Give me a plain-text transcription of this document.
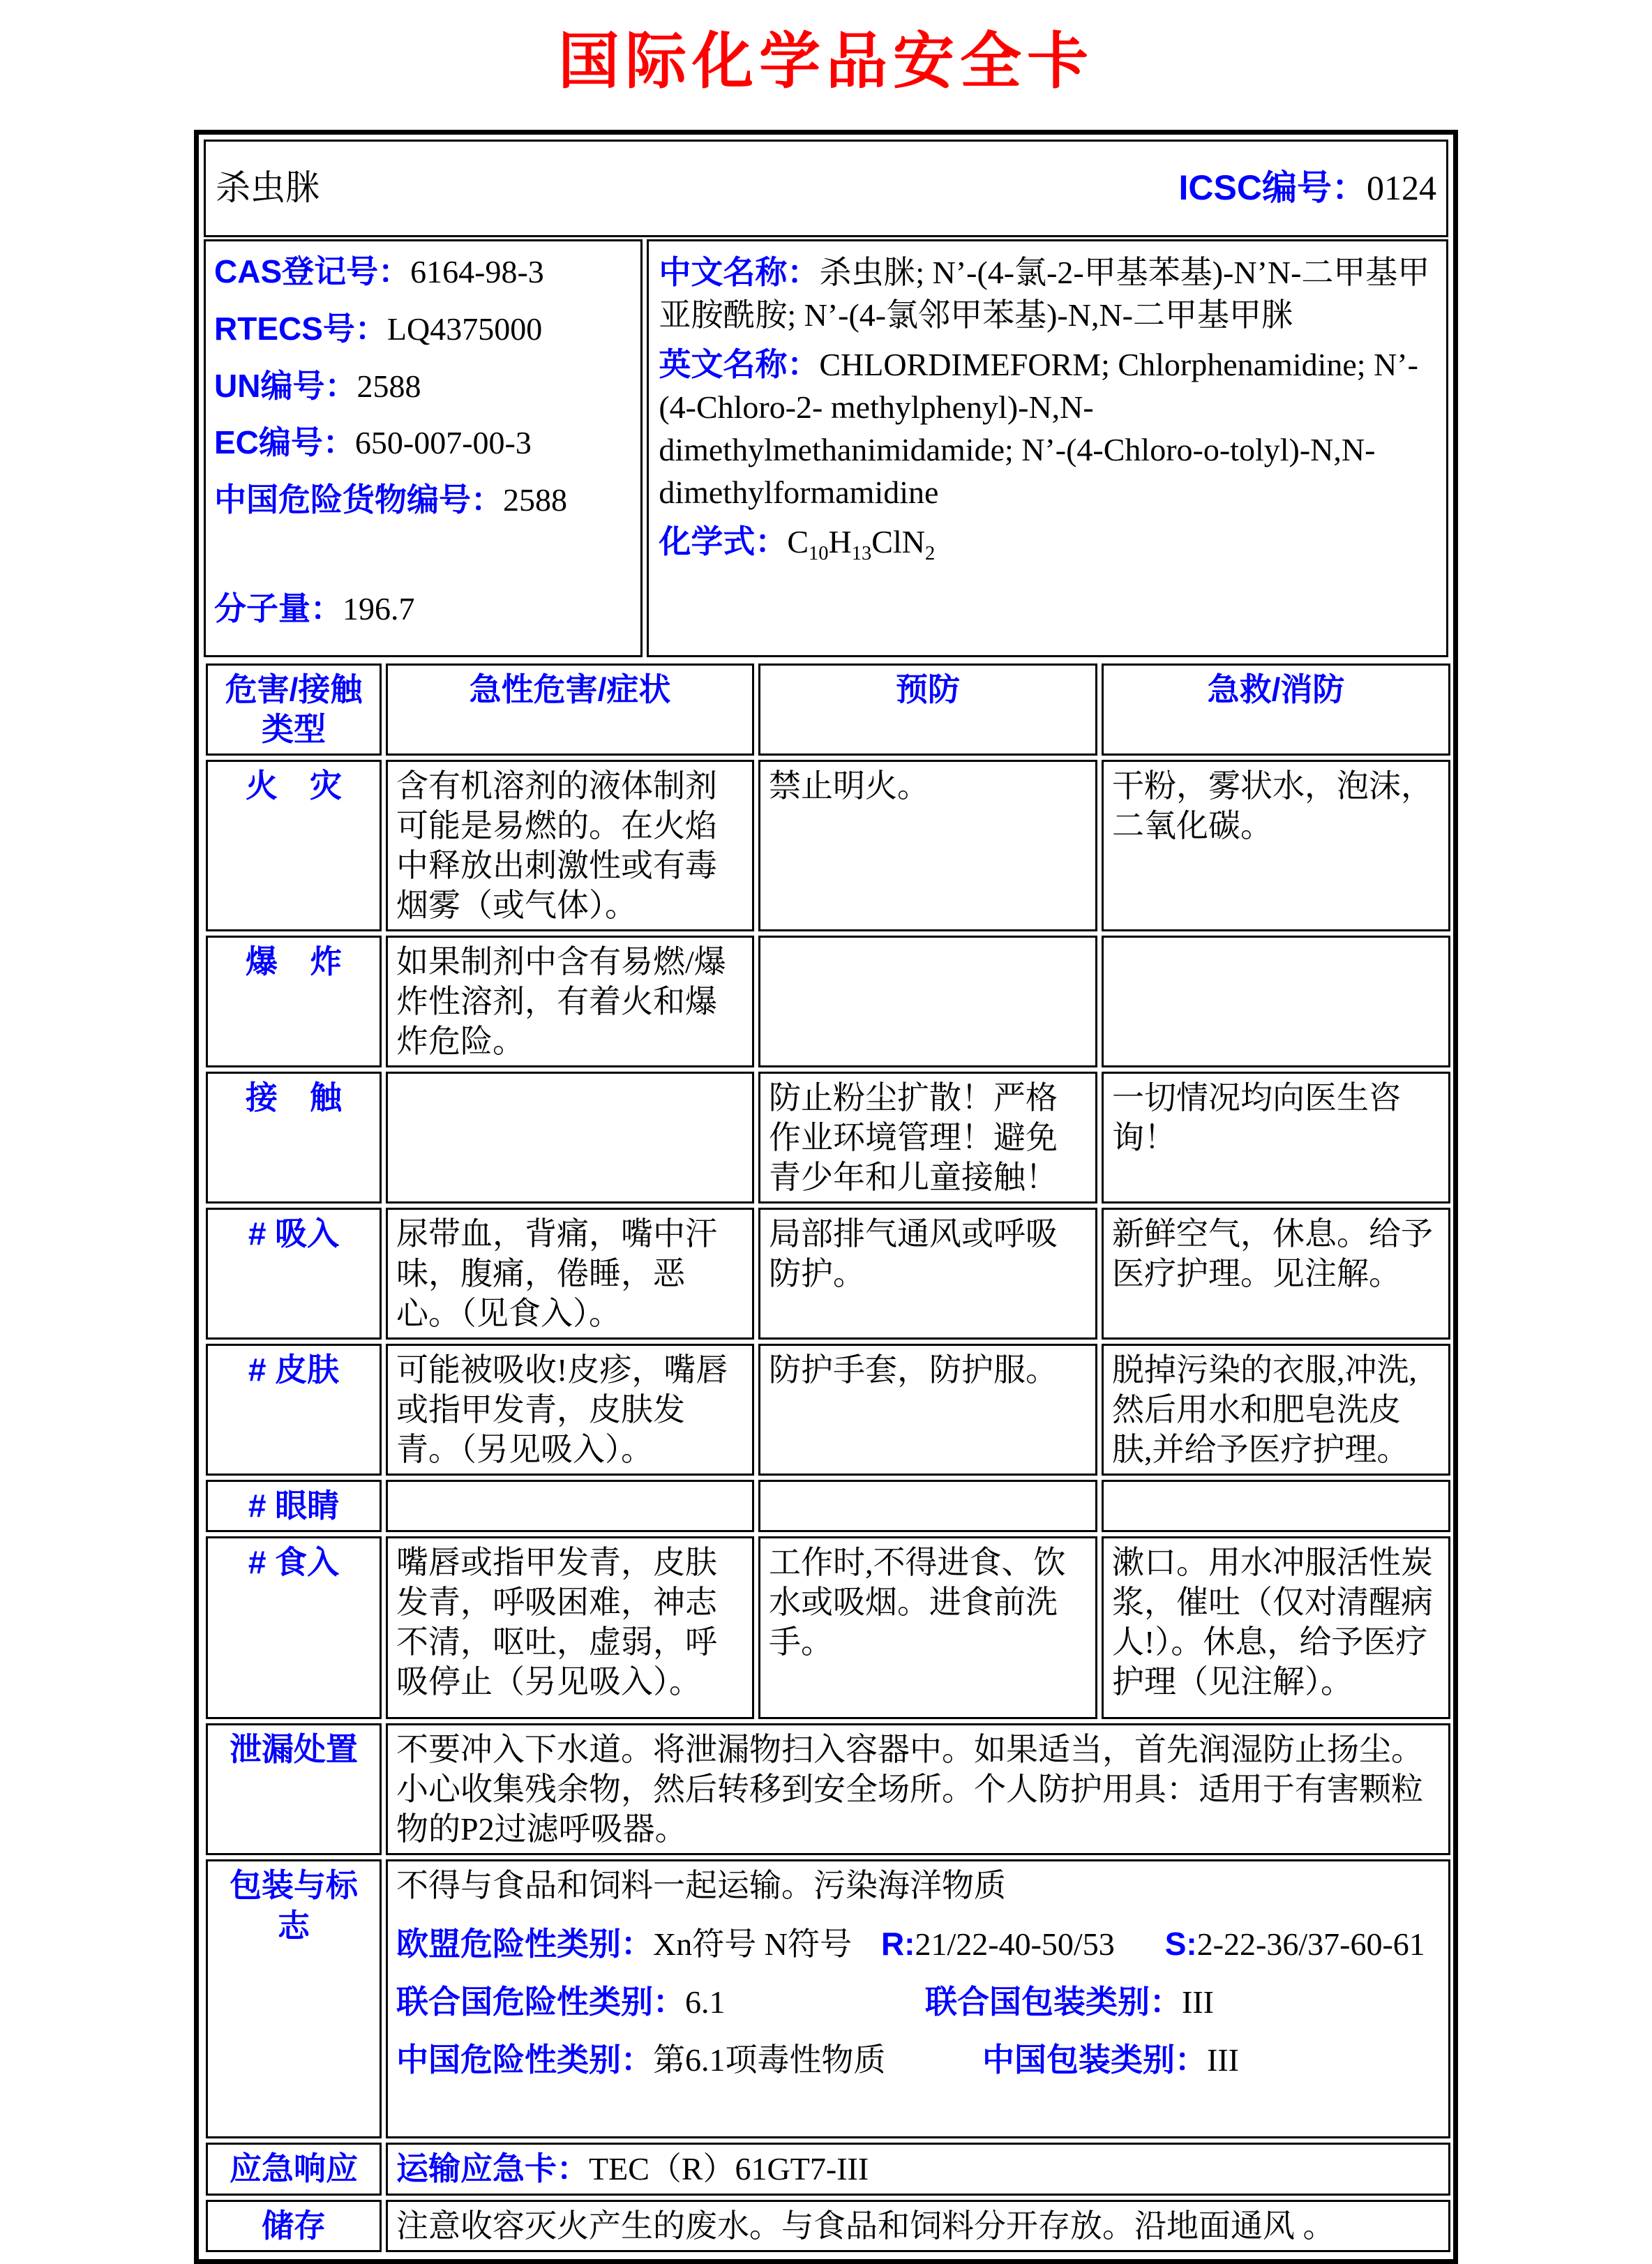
国际化学品安全卡
杀虫脒	ICSC编号：0124

CAS登记号：6164-98-3

RTECS号：LQ4375000

UN编号：2588

EC编号：650-007-00-3

中国危险货物编号：2588

分子量：196.7

中文名称：杀虫脒; N’-(4-氯-2-甲基苯基)-N’N-二甲基甲亚胺酰胺; N’-(4-氯邻甲苯基)-N,N-二甲基甲脒

英文名称：CHLORDIMEFORM; Chlorphenamidine; N’-(4-Chloro-2- methylphenyl)-N,N-dimethylmethanimidamide; N’-(4-Chloro-o-tolyl)-N,N-dimethylformamidine

化学式：$C_{10}H_{13}ClN_2$

危害/接触类型	急性危害/症状	预防	急救/消防
火　灾	含有机溶剂的液体制剂可能是易燃的。在火焰中释放出刺激性或有毒烟雾（或气体）。	禁止明火。	干粉，雾状水，泡沫，二氧化碳。
爆　炸	如果制剂中含有易燃/爆炸性溶剂，有着火和爆炸危险。		
接　触		防止粉尘扩散！严格作业环境管理！避免青少年和儿童接触！	一切情况均向医生咨询！
# 吸入	尿带血，背痛，嘴中汗味，腹痛，倦睡，恶心。（见食入）。	局部排气通风或呼吸防护。	新鲜空气，休息。给予医疗护理。见注解。
# 皮肤	可能被吸收!皮疹，嘴唇或指甲发青，皮肤发青。（另见吸入）。	防护手套，防护服。	脱掉污染的衣服,冲洗,然后用水和肥皂洗皮肤,并给予医疗护理。
# 眼睛			
# 食入	嘴唇或指甲发青，皮肤发青，呼吸困难，神志不清，呕吐，虚弱，呼吸停止（另见吸入）。	工作时,不得进食、饮水或吸烟。进食前洗手。	漱口。用水冲服活性炭浆，催吐（仅对清醒病人!）。休息，给予医疗护理（见注解）。
泄漏处置	不要冲入下水道。将泄漏物扫入容器中。如果适当，首先润湿防止扬尘。小心收集残余物，然后转移到安全场所。个人防护用具：适用于有害颗粒物的P2过滤呼吸器。		
包装与标志	不得与食品和饲料一起运输。污染海洋物质

欧盟危险性类别：Xn符号 N符号 R:21/22-40-50/53 S:2-22-36/37-60-61

联合国危险性类别：6.1 联合国包装类别：III

中国危险性类别：第6.1项毒性物质 中国包装类别：III		

应急响应	运输应急卡：TEC（R）61GT7-III		
储存	注意收容灭火产生的废水。与食品和饲料分开存放。沿地面通风 。		
